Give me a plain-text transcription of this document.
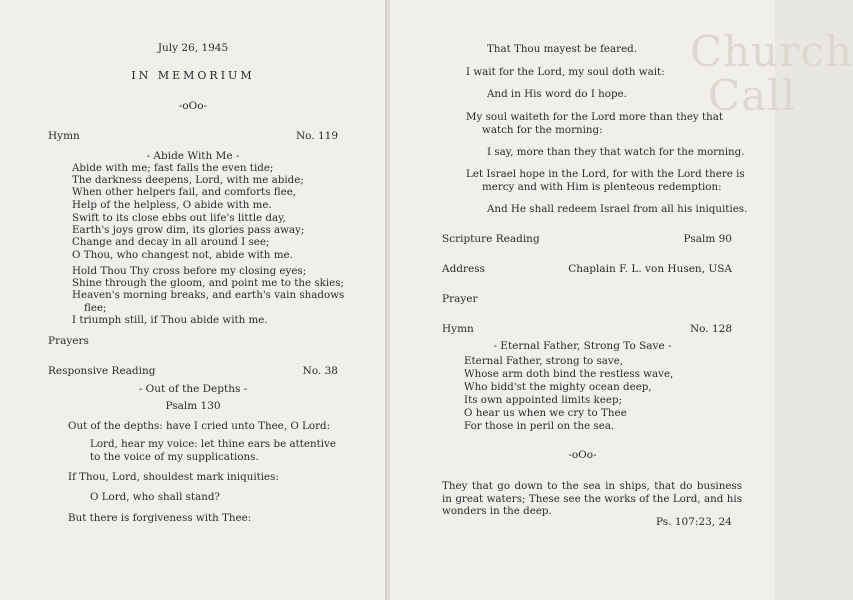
July 26, 1945
IN MEMORIUM
-oOo-
Hymn	No. 119
- Abide With Me -
Abide with me; fast falls the even tide;
The darkness deepens, Lord, with me abide;
When other helpers fail, and comforts flee,
Help of the helpless, O abide with me.
Swift to its close ebbs out life's little day,
Earth's joys grow dim, its glories pass away;
Change and decay in all around I see;
O Thou, who changest not, abide with me.
Hold Thou Thy cross before my closing eyes;
Shine through the gloom, and point me to the skies;
Heaven's morning breaks, and earth's vain shadows
flee;
I triumph still, if Thou abide with me.
Prayers
Responsive Reading	No. 38
- Out of the Depths -
Psalm 130
Out of the depths: have I cried unto Thee, O Lord:
Lord, hear my voice: let thine ears be attentive to the voice of my supplications.
If Thou, Lord, shouldest mark iniquities:
O Lord, who shall stand?
But there is forgiveness with Thee:
Church
Call
That Thou mayest be feared.
I wait for the Lord, my soul doth wait:
And in His word do I hope.
My soul waiteth for the Lord more than they that watch for the morning:
I say, more than they that watch for the morning.
Let Israel hope in the Lord, for with the Lord there is mercy and with Him is plenteous redemption:
And He shall redeem Israel from all his iniquities.
Scripture Reading	Psalm 90
Address	Chaplain F. L. von Husen, USA
Prayer
Hymn	No. 128
- Eternal Father, Strong To Save -
Eternal Father, strong to save,
Whose arm doth bind the restless wave,
Who bidd'st the mighty ocean deep,
Its own appointed limits keep;
O hear us when we cry to Thee
For those in peril on the sea.
-oOo-
They that go down to the sea in ships, that do business in great waters; These see the works of the Lord, and his wonders in the deep.
Ps. 107:23, 24
